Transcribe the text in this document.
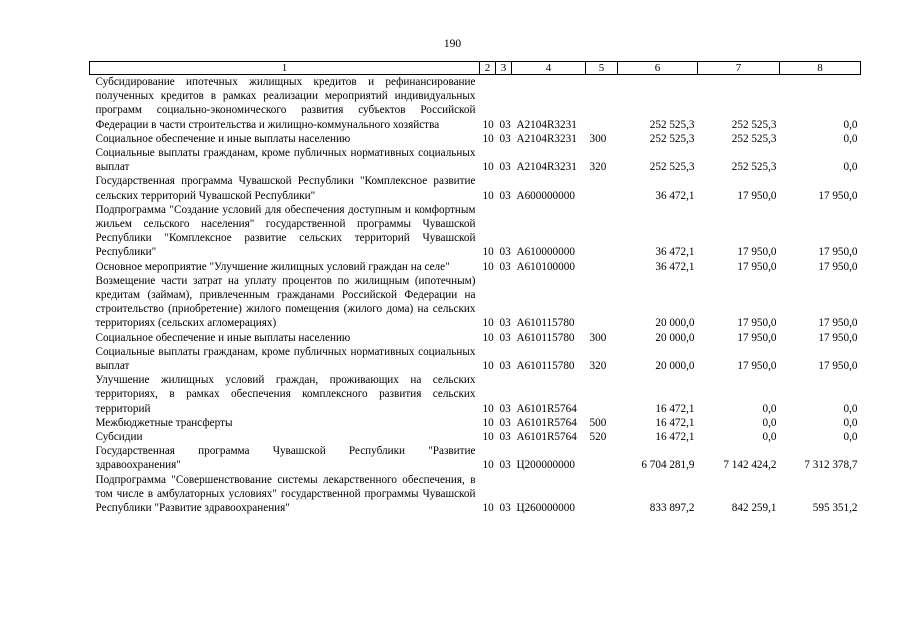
190
1	2	3	4	5	6	7	8
Субсидирование ипотечных жилищных кредитов и рефинансирование полученных кредитов в рамках реализации мероприятий индивидуальных программ социально-экономического развития субъектов Российской Федерации в части строительства и жилищно-коммунального хозяйства	10	03	А2104R3231		252 525,3	252 525,3	0,0
Социальное обеспечение и иные выплаты населению	10	03	А2104R3231	300	252 525,3	252 525,3	0,0
Социальные выплаты гражданам, кроме публичных нормативных социальных выплат	10	03	А2104R3231	320	252 525,3	252 525,3	0,0
Государственная программа Чувашской Республики "Комплексное развитие сельских территорий Чувашской Республики"	10	03	А600000000		36 472,1	17 950,0	17 950,0
Подпрограмма "Создание условий для обеспечения доступным и комфортным жильем сельского населения" государственной программы Чувашской Республики "Комплексное развитие сельских территорий Чувашской Республики"	10	03	А610000000		36 472,1	17 950,0	17 950,0
Основное мероприятие "Улучшение жилищных условий граждан на селе"	10	03	А610100000		36 472,1	17 950,0	17 950,0
Возмещение части затрат на уплату процентов по жилищным (ипотечным) кредитам (займам), привлеченным гражданами Российской Федерации на строительство (приобретение) жилого помещения (жилого дома) на сельских территориях (сельских агломерациях)	10	03	А610115780		20 000,0	17 950,0	17 950,0
Социальное обеспечение и иные выплаты населению	10	03	А610115780	300	20 000,0	17 950,0	17 950,0
Социальные выплаты гражданам, кроме публичных нормативных социальных выплат	10	03	А610115780	320	20 000,0	17 950,0	17 950,0
Улучшение жилищных условий граждан, проживающих на сельских территориях, в рамках обеспечения комплексного развития сельских территорий	10	03	А6101R5764		16 472,1	0,0	0,0
Межбюджетные трансферты	10	03	А6101R5764	500	16 472,1	0,0	0,0
Субсидии	10	03	А6101R5764	520	16 472,1	0,0	0,0
Государственная программа Чувашской Республики "Развитие здравоохранения"	10	03	Ц200000000		6 704 281,9	7 142 424,2	7 312 378,7
Подпрограмма "Совершенствование системы лекарственного обеспечения, в том числе в амбулаторных условиях" государственной программы Чувашской Республики "Развитие здравоохранения"	10	03	Ц260000000		833 897,2	842 259,1	595 351,2
